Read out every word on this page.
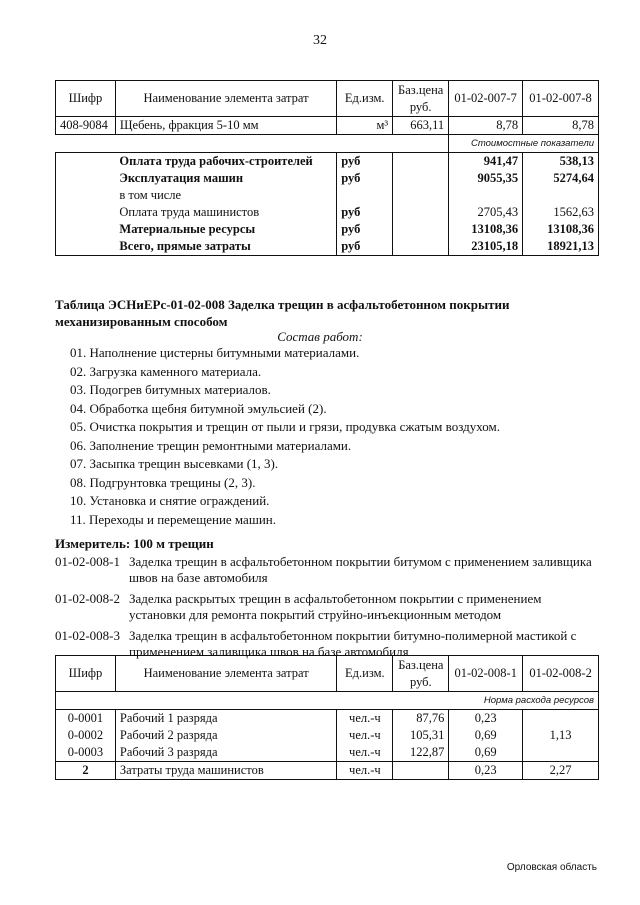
32
Шифр	Наименование элемента затрат	Ед.изм.	Баз.цена руб.	01-02-007-7	01-02-007-8
408-9084	Щебень, фракция 5-10 мм	м³	663,11	8,78	8,78
				Стоимостные показатели	
	Оплата труда рабочих-строителей	руб		941,47	538,13
	Эксплуатация машин	руб		9055,35	5274,64
	в том числе				
	Оплата труда машинистов	руб		2705,43	1562,63
	Материальные ресурсы	руб		13108,36	13108,36
	Всего, прямые затраты	руб		23105,18	18921,13
Таблица ЭСНиЕРс-01-02-008 Заделка трещин в асфальтобетонном покрытии механизированным способом
Состав работ:
01. Наполнение цистерны битумными материалами.
02. Загрузка каменного материала.
03. Подогрев битумных материалов.
04. Обработка щебня битумной эмульсией (2).
05. Очистка покрытия и трещин от пыли и грязи, продувка сжатым воздухом.
06. Заполнение трещин ремонтными материалами.
07. Засыпка трещин высевками (1, 3).
08. Подгрунтовка трещины (2, 3).
10. Установка и снятие ограждений.
11. Переходы и перемещение машин.
Измеритель: 100 м трещин
01-02-008-1 Заделка трещин в асфальтобетонном покрытии битумом с применением заливщика швов на базе автомобиля
01-02-008-2 Заделка раскрытых трещин в асфальтобетонном покрытии с применением установки для ремонта покрытий струйно-инъекционным методом
01-02-008-3 Заделка трещин в асфальтобетонном покрытии битумно-полимерной мастикой с применением заливщика швов на базе автомобиля
Шифр	Наименование элемента затрат	Ед.изм.	Баз.цена руб.	01-02-008-1	01-02-008-2
				Норма расхода ресурсов	
0-0001	Рабочий 1 разряда	чел.-ч	87,76	0,23	
0-0002	Рабочий 2 разряда	чел.-ч	105,31	0,69	1,13
0-0003	Рабочий 3 разряда	чел.-ч	122,87	0,69	
2	Затраты труда машинистов	чел.-ч		0,23	2,27
Орловская область
